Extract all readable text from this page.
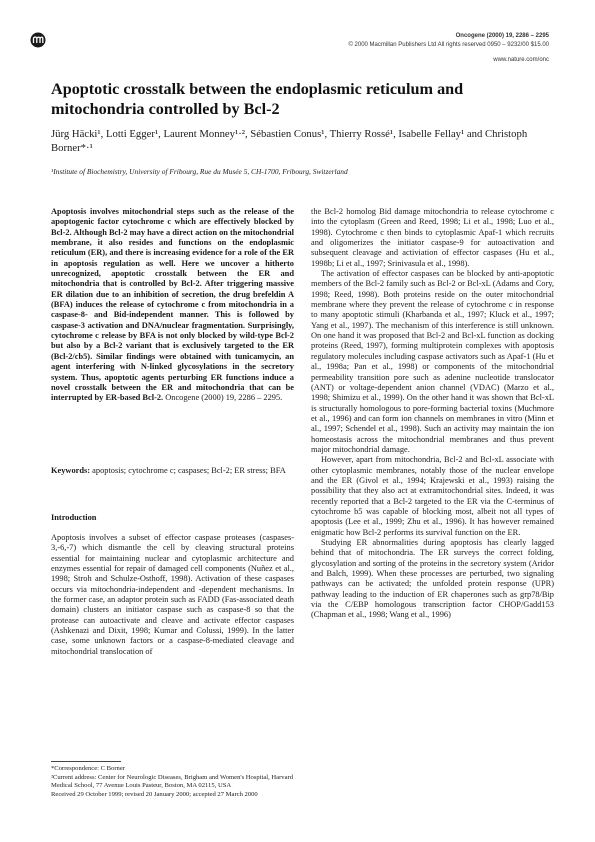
Oncogene (2000) 19, 2286 – 2295
© 2000 Macmillan Publishers Ltd All rights reserved 0950 – 9232/00 $15.00
www.nature.com/onc
Apoptotic crosstalk between the endoplasmic reticulum and mitochondria controlled by Bcl-2

Jürg Häcki¹, Lotti Egger¹, Laurent Monney¹·², Sébastien Conus¹, Thierry Rossé¹, Isabelle Fellay¹ and Christoph Borner*·¹

¹Institute of Biochemistry, University of Fribourg, Rue du Musée 5, CH-1700, Fribourg, Switzerland

Apoptosis involves mitochondrial steps such as the release of the apoptogenic factor cytochrome c which are effectively blocked by Bcl-2. Although Bcl-2 may have a direct action on the mitochondrial membrane, it also resides and functions on the endoplasmic reticulum (ER), and there is increasing evidence for a role of the ER in apoptosis regulation as well. Here we uncover a hitherto unrecognized, apoptotic crosstalk between the ER and mitochondria that is controlled by Bcl-2. After triggering massive ER dilation due to an inhibition of secretion, the drug brefeldin A (BFA) induces the release of cytochrome c from mitochondria in a caspase-8- and Bid-independent manner. This is followed by caspase-3 activation and DNA/nuclear fragmentation. Surprisingly, cytochrome c release by BFA is not only blocked by wild-type Bcl-2 but also by a Bcl-2 variant that is exclusively targeted to the ER (Bcl-2/cb5). Similar findings were obtained with tunicamycin, an agent interfering with N-linked glycosylations in the secretory system. Thus, apoptotic agents perturbing ER functions induce a novel crosstalk between the ER and mitochondria that can be interrupted by ER-based Bcl-2. Oncogene (2000) 19, 2286 – 2295.
Keywords: apoptosis; cytochrome c; caspases; Bcl-2; ER stress; BFA
Introduction

Apoptosis involves a subset of effector caspase proteases (caspases-3,-6,-7) which dismantle the cell by cleaving structural proteins essential for maintaining nuclear and cytoplasmic architecture and enzymes essential for repair of damaged cell components (Nuñez et al., 1998; Stroh and Schulze-Osthoff, 1998). Activation of these caspases occurs via mitochondria-independent and -dependent mechanisms. In the former case, an adaptor protein such as FADD (Fas-associated death domain) clusters an initiator caspase such as caspase-8 so that the protease can autoactivate and cleave and activate effector caspases (Ashkenazi and Dixit, 1998; Kumar and Colussi, 1999). In the latter case, some unknown factors or a caspase-8-mediated cleavage and mitochondrial translocation of

the Bcl-2 homolog Bid damage mitochondria to release cytochrome c into the cytoplasm (Green and Reed, 1998; Li et al., 1998; Luo et al., 1998). Cytochrome c then binds to cytoplasmic Apaf-1 which recruits and oligomerizes the initiator caspase-9 for autoactivation and subsequent cleavage and activiation of effector caspases (Hu et al., 1998b; Li et al., 1997; Srinivasula et al., 1998).

The activation of effector caspases can be blocked by anti-apoptotic members of the Bcl-2 family such as Bcl-2 or Bcl-xL (Adams and Cory, 1998; Reed, 1998). Both proteins reside on the outer mitochondrial membrane where they prevent the release of cytochrome c in response to many apoptotic stimuli (Kharbanda et al., 1997; Kluck et al., 1997; Yang et al., 1997). The mechanism of this interference is still unknown. On one hand it was proposed that Bcl-2 and Bcl-xL function as docking proteins (Reed, 1997), forming multiprotein complexes with apoptosis regulatory molecules including caspase activators such as Apaf-1 (Hu et al., 1998a; Pan et al., 1998) or components of the mitochondrial permeability transition pore such as adenine nucleotide translocator (ANT) or voltage-dependent anion channel (VDAC) (Marzo et al., 1998; Shimizu et al., 1999). On the other hand it was shown that Bcl-xL is structurally homologous to pore-forming bacterial toxins (Muchmore et al., 1996) and can form ion channels on membranes in vitro (Minn et al., 1997; Schendel et al., 1998). Such an activity may maintain the ion homeostasis across the mitochondrial membranes and thus prevent major mitochondrial damage.

However, apart from mitochondria, Bcl-2 and Bcl-xL associate with other cytoplasmic membranes, notably those of the nuclear envelope and the ER (Givol et al., 1994; Krajewski et al., 1993) raising the possibility that they also act at extramitochondrial sites. Indeed, it was recently reported that a Bcl-2 targeted to the ER via the C-terminus of cytochrome b5 was capable of blocking most, albeit not all types of apoptosis (Lee et al., 1999; Zhu et al., 1996). It has however remained enigmatic how Bcl-2 performs its survival function on the ER.

Studying ER abnormalities during apoptosis has clearly lagged behind that of mitochondria. The ER surveys the correct folding, glycosylation and sorting of the proteins in the secretory system (Aridor and Balch, 1999). When these processes are perturbed, two signaling pathways can be activated; the unfolded protein response (UPR) pathway leading to the induction of ER chaperones such as grp78/Bip via the C/EBP homologous transcription factor CHOP/Gadd153 (Chapman et al., 1998; Wang et al., 1996)

*Correspondence: C Borner

²Current address: Center for Neurologic Diseases, Brigham and Women's Hospital, Harvard Medical School, 77 Avenue Louis Pasteur, Boston, MA 02115, USA

Received 29 October 1999; revised 20 January 2000; accepted 27 March 2000
